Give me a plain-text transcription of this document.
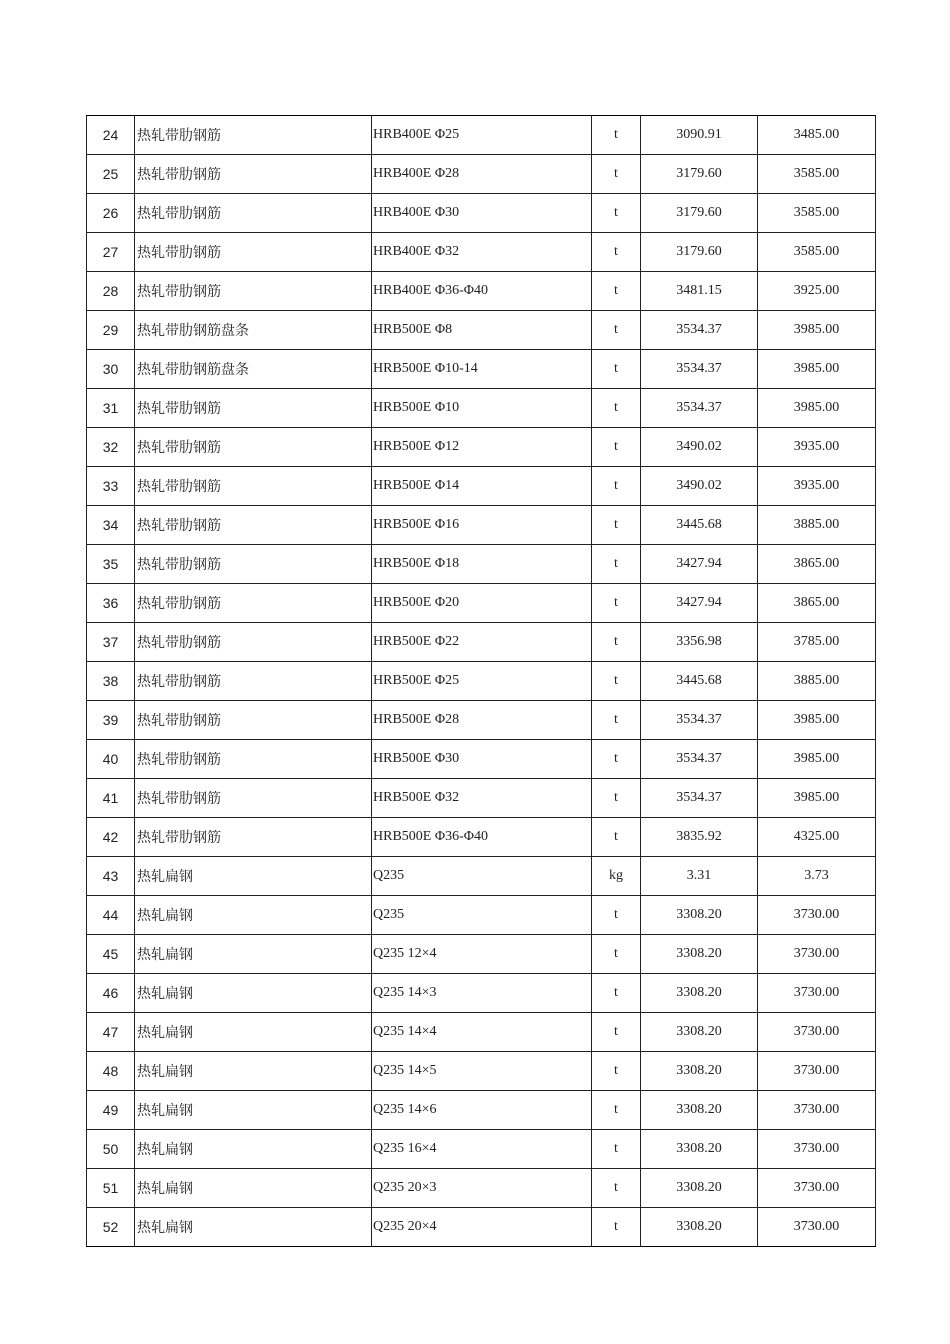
24	热轧带肋钢筋	HRB400E Φ25	t	3090.91	3485.00
25	热轧带肋钢筋	HRB400E Φ28	t	3179.60	3585.00
26	热轧带肋钢筋	HRB400E Φ30	t	3179.60	3585.00
27	热轧带肋钢筋	HRB400E Φ32	t	3179.60	3585.00
28	热轧带肋钢筋	HRB400E Φ36-Φ40	t	3481.15	3925.00
29	热轧带肋钢筋盘条	HRB500E Φ8	t	3534.37	3985.00
30	热轧带肋钢筋盘条	HRB500E Φ10-14	t	3534.37	3985.00
31	热轧带肋钢筋	HRB500E Φ10	t	3534.37	3985.00
32	热轧带肋钢筋	HRB500E Φ12	t	3490.02	3935.00
33	热轧带肋钢筋	HRB500E Φ14	t	3490.02	3935.00
34	热轧带肋钢筋	HRB500E Φ16	t	3445.68	3885.00
35	热轧带肋钢筋	HRB500E Φ18	t	3427.94	3865.00
36	热轧带肋钢筋	HRB500E Φ20	t	3427.94	3865.00
37	热轧带肋钢筋	HRB500E Φ22	t	3356.98	3785.00
38	热轧带肋钢筋	HRB500E Φ25	t	3445.68	3885.00
39	热轧带肋钢筋	HRB500E Φ28	t	3534.37	3985.00
40	热轧带肋钢筋	HRB500E Φ30	t	3534.37	3985.00
41	热轧带肋钢筋	HRB500E Φ32	t	3534.37	3985.00
42	热轧带肋钢筋	HRB500E Φ36-Φ40	t	3835.92	4325.00
43	热轧扁钢	Q235	kg	3.31	3.73
44	热轧扁钢	Q235	t	3308.20	3730.00
45	热轧扁钢	Q235 12×4	t	3308.20	3730.00
46	热轧扁钢	Q235 14×3	t	3308.20	3730.00
47	热轧扁钢	Q235 14×4	t	3308.20	3730.00
48	热轧扁钢	Q235 14×5	t	3308.20	3730.00
49	热轧扁钢	Q235 14×6	t	3308.20	3730.00
50	热轧扁钢	Q235 16×4	t	3308.20	3730.00
51	热轧扁钢	Q235 20×3	t	3308.20	3730.00
52	热轧扁钢	Q235 20×4	t	3308.20	3730.00
